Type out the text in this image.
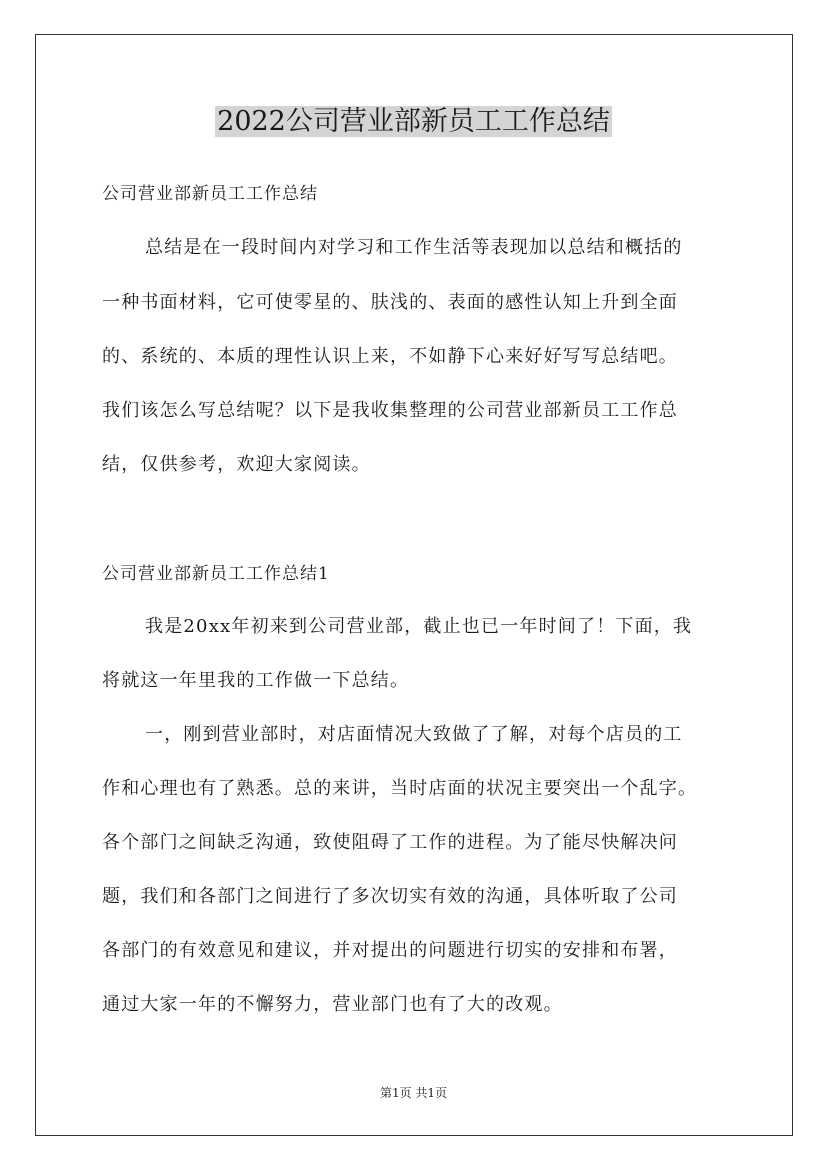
2022公司营业部新员工工作总结
公司营业部新员工工作总结
总结是在一段时间内对学习和工作生活等表现加以总结和概括的
一种书面材料，它可使零星的、肤浅的、表面的感性认知上升到全面
的、系统的、本质的理性认识上来，不如静下心来好好写写总结吧。
我们该怎么写总结呢？以下是我收集整理的公司营业部新员工工作总
结，仅供参考，欢迎大家阅读。
公司营业部新员工工作总结1
我是20xx年初来到公司营业部，截止也已一年时间了！下面，我
将就这一年里我的工作做一下总结。
一，刚到营业部时，对店面情况大致做了了解，对每个店员的工
作和心理也有了熟悉。总的来讲，当时店面的状况主要突出一个乱字。
各个部门之间缺乏沟通，致使阻碍了工作的进程。为了能尽快解决问
题，我们和各部门之间进行了多次切实有效的沟通，具体听取了公司
各部门的有效意见和建议，并对提出的问题进行切实的安排和布署，
通过大家一年的不懈努力，营业部门也有了大的改观。
第1页 共1页
